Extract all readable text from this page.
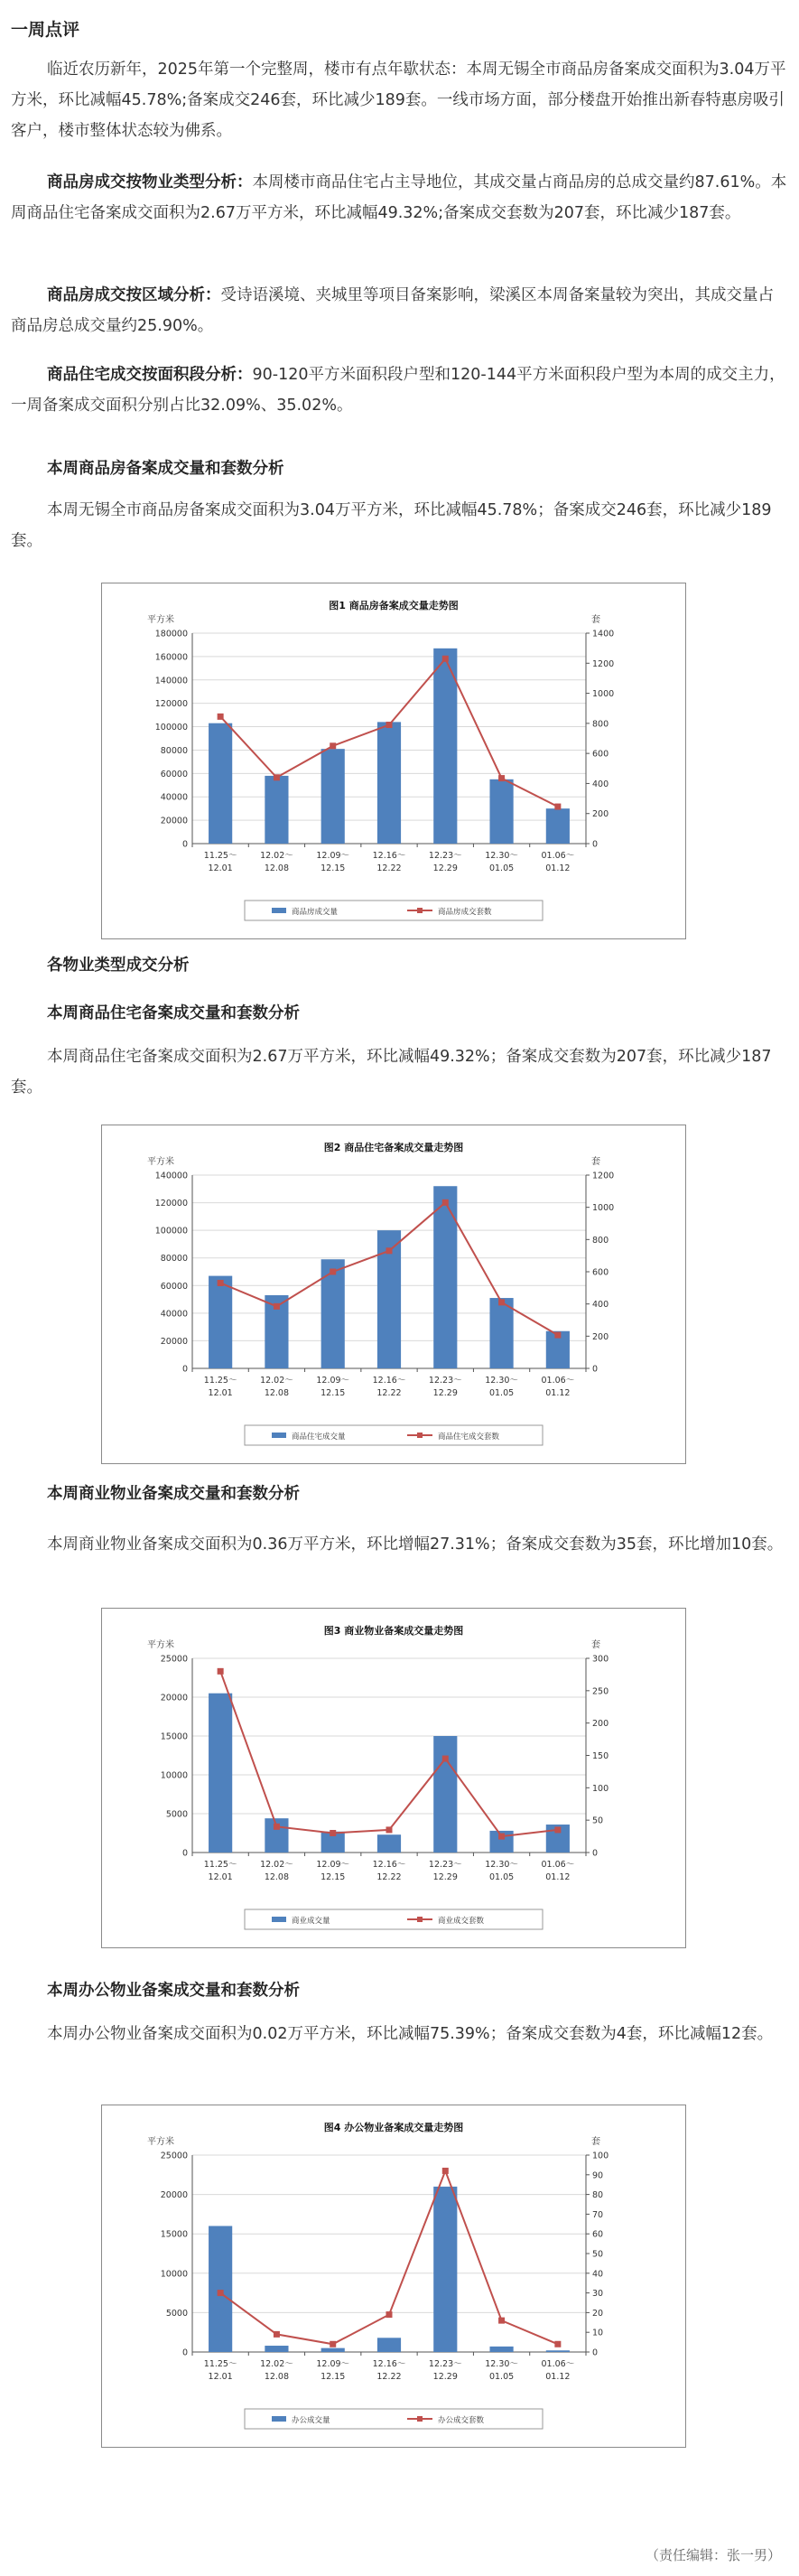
一周点评

临近农历新年，2025年第一个完整周，楼市有点年歇状态：本周无锡全市商品房备案成交面积为3.04万平方米，环比减幅45.78%;备案成交246套，环比减少189套。一线市场方面，部分楼盘开始推出新春特惠房吸引客户，楼市整体状态较为佛系。

商品房成交按物业类型分析：本周楼市商品住宅占主导地位，其成交量占商品房的总成交量约87.61%。本周商品住宅备案成交面积为2.67万平方米，环比减幅49.32%;备案成交套数为207套，环比减少187套。

商品房成交按区域分析：受诗语溪境、夹城里等项目备案影响，梁溪区本周备案量较为突出，其成交量占商品房总成交量约25.90%。

商品住宅成交按面积段分析：90-120平方米面积段户型和120-144平方米面积段户型为本周的成交主力，一周备案成交面积分别占比32.09%、35.02%。

本周商品房备案成交量和套数分析

本周无锡全市商品房备案成交面积为3.04万平方米，环比减幅45.78%；备案成交246套，环比减少189套。

图1 商品房备案成交量走势图
平方米	套
0
20000
40000
60000
80000
100000
120000
140000
160000
180000
0
200
400
600
800
1000
1200
1400
11.25～
12.01
12.02～
12.08
12.09～
12.15
12.16～
12.22
12.23～
12.29
12.30～
01.05
01.06～
01.12
商品房成交量	商品房成交套数
各物业类型成交分析
本周商品住宅备案成交量和套数分析

本周商品住宅备案成交面积为2.67万平方米，环比减幅49.32%；备案成交套数为207套，环比减少187套。

图2 商品住宅备案成交量走势图
平方米	套
0
20000
40000
60000
80000
100000
120000
140000
0
200
400
600
800
1000
1200
11.25～
12.01
12.02～
12.08
12.09～
12.15
12.16～
12.22
12.23～
12.29
12.30～
01.05
01.06～
01.12
商品住宅成交量	商品住宅成交套数
本周商业物业备案成交量和套数分析

本周商业物业备案成交面积为0.36万平方米，环比增幅27.31%；备案成交套数为35套，环比增加10套。

图3 商业物业备案成交量走势图
平方米	套
0
5000
10000
15000
20000
25000
0
50
100
150
200
250
300
11.25～
12.01
12.02～
12.08
12.09～
12.15
12.16～
12.22
12.23～
12.29
12.30～
01.05
01.06～
01.12
商业成交量	商业成交套数
本周办公物业备案成交量和套数分析

本周办公物业备案成交面积为0.02万平方米，环比减幅75.39%；备案成交套数为4套，环比减幅12套。

图4 办公物业备案成交量走势图
平方米	套
0
5000
10000
15000
20000
25000
0
10
20
30
40
50
60
70
80
90
100
11.25～
12.01
12.02～
12.08
12.09～
12.15
12.16～
12.22
12.23～
12.29
12.30～
01.05
01.06～
01.12
办公成交量	办公成交套数
（责任编辑：张一男）
